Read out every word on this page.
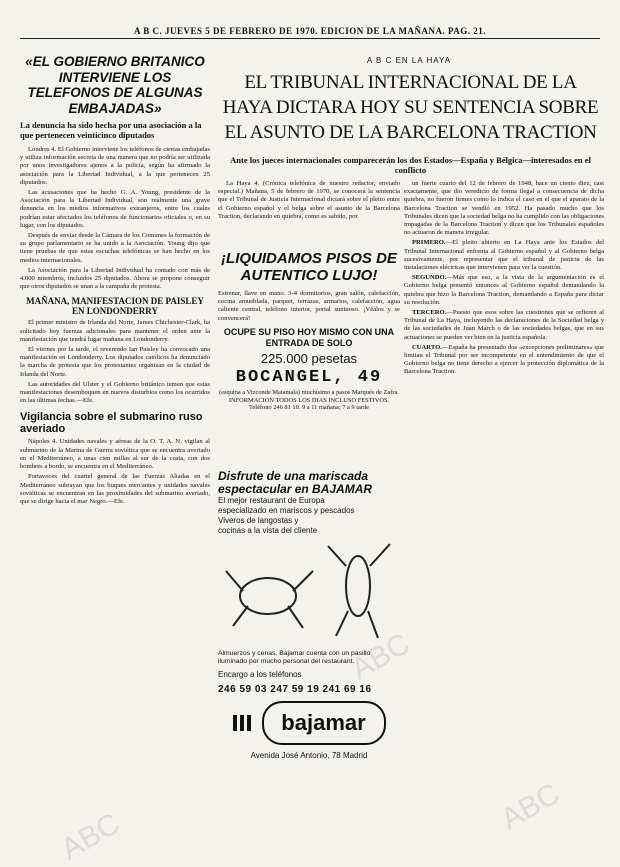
A B C. JUEVES 5 DE FEBRERO DE 1970. EDICION DE LA MAÑANA. PAG. 21.
«EL GOBIERNO BRITANICO INTERVIENE LOS TELEFONOS DE ALGUNAS EMBAJADAS»
La denuncia ha sido hecha por una asociación a la que pertenecen veinticinco diputados

Londres 4. El Gobierno interviene los teléfonos de ciertas embajadas y utiliza información secreta de una manera que no podría ser utilizada por unos investigadores ajenos a la policía, según ha afirmado la asociación para la Libertad Individual, a la que pertenecen 25 diputados.

Las acusaciones que ha hecho G. A. Young, presidente de la Asociación para la Libertad Individual, son realmente una grave denuncia en los medios informativos extranjeros, entre los cuales podrían estar afectados los teléfonos de funcionarios oficiales o, en su lugar, con los diputados.

Después de enviar desde la Cámara de los Comunes la formación de su grupo parlamentario se ha unido a la Asociación. Young dijo que tiene pruebas de que estas escuchas telefónicas se han hecho en los medios internacionales.

La Asociación para la Libertad Individual ha contado con más de 4.000 miembros, incluidos 25 diputados. Ahora se propone conseguir que otros diputados se unan a la campaña de protesta.

MAÑANA, MANIFESTACION DE PAISLEY EN LONDONDERRY

El primer ministro de Irlanda del Norte, James Chichester-Clark, ha solicitado hoy fuerzas adicionales para mantener el orden ante la manifestación que tendrá lugar mañana en Londonderry.

El viernes por la tarde, el reverendo Ian Paisley ha convocado una manifestación en Londonderry. Los diputados católicos ha denunciado la marcha de protesta que los protestantes organizan en la ciudad de Irlanda del Norte.

Las autoridades del Ulster y el Gobierno británico temen que estas manifestaciones desemboquen en nuevos disturbios como los ocurridos en las últimas fechas.—Efe.

Vigilancia sobre el submarino ruso averiado

Nápoles 4. Unidades navales y aéreas de la O. T. A. N. vigilan al submarino de la Marina de Guerra soviética que se encuentra averiado en el Mediterráneo, a unas cien millas al sur de la costa, con dos hombres a bordo, se encuentra en el Mediterráneo.

Portavoces del cuartel general de las Fuerzas Aliadas en el Mediterráneo subrayan que los buques mercantes y unidades navales soviéticas se encuentran en las proximidades del submarino averiado, que se dirige hacia el mar Negro.—Efe.

A B C EN LA HAYA
EL TRIBUNAL INTERNACIONAL DE LA HAYA DICTARA HOY SU SENTENCIA SOBRE EL ASUNTO DE LA BARCELONA TRACTION
Ante los jueces internacionales comparecerán los dos Estados—España y Bélgica—interesados en el conflicto

La Haya 4. (Crónica telefónica de nuestro redactor, enviado especial.) Mañana, 5 de febrero de 1970, se conocerá la sentencia que el Tribunal de Justicia Internacional dictará sobre el pleito entre el Gobierno español y el belga sobre el asunto de la Barcelona Traction, declarando en quiebra, como es sabido, por

¡LIQUIDAMOS PISOS DE AUTENTICO LUJO!
Estrenar, llave en mano. 3-4 dormitorios, gran salón, calefacción, cocina amueblada, parquet, terrazas, armarios, calefacción, agua caliente central, teléfono interior, portal suntuoso. ¡Véalos y se convencerá!
OCUPE SU PISO HOY MISMO CON UNA ENTRADA DE SOLO
225.000 pesetas
BOCANGEL, 49
(esquina a Vizconde Matamala) muchísimo a pasos Marqués de Zafra. INFORMACION TODOS LOS DIAS INCLUSO FESTIVOS. Teléfono 246 81 10. 9 a 11 mañana; 7 a 9 tarde
Disfrute de una mariscada espectacular en BAJAMAR
El mejor restaurant de Europa
especializado en mariscos y pescados
Viveros de langostas y
cocinas a la vista del cliente
Almuerzos y cenas. Bajamar cuenta con un pasillo iluminado por mucho personal del restaurant.
Encargo a los teléfonos
246 59 03 247 59 19 241 69 16
bajamar
Avenida José Antonio, 78 Madrid

un fuerte cuarto del 12 de febrero de 1948, hace un ciento diez, casi exactamente, que dio veredicto de forma ilegal a consecuencia de dicha quiebra, no fueron firmes como lo indica el caso en el que el aparato de la Barcelona Traction se vendió en 1952. Ha pasado mucho que los Tribunales dicen que la sociedad belga no ha cumplido con las obligaciones impagadas de la Barcelona Traction y dicen que los Tribunales españoles no actuaron de manera irregular.

PRIMERO.—El pleito abierto en La Haya ante los Estados del Tribunal Internacional enfrenta al Gobierno español y al Gobierno belga sucesivamente, por representar que el tribunal de justicia de las instalaciones eléctricas que intervienen para ver la cuestión.

SEGUNDO.—Más que eso, a la vista de la argumentación es el Gobierno belga presentó entonces al Gobierno español demandando la quiebra que hizo la Barcelona Traction, demandando a España para dictar su resolución.

TERCERO.—Puesto que esos sobre las cuestiones que se refieren al Tribunal de La Haya, incluyendo las declaraciones de la Sociedad belga y de las sociedades de Juan March o de las sociedades belgas, que en sus actuaciones se pueden ver bien en la justicia española.

CUARTO.—España ha presentado dos «excepciones preliminares» que limitan el Tribunal por ser incompetente en el entendimiento de que el Gobierno belga no tiene derecho a ejercer la protección diplomática de la Barcelona Traction.

ABC
ABC
ABC
